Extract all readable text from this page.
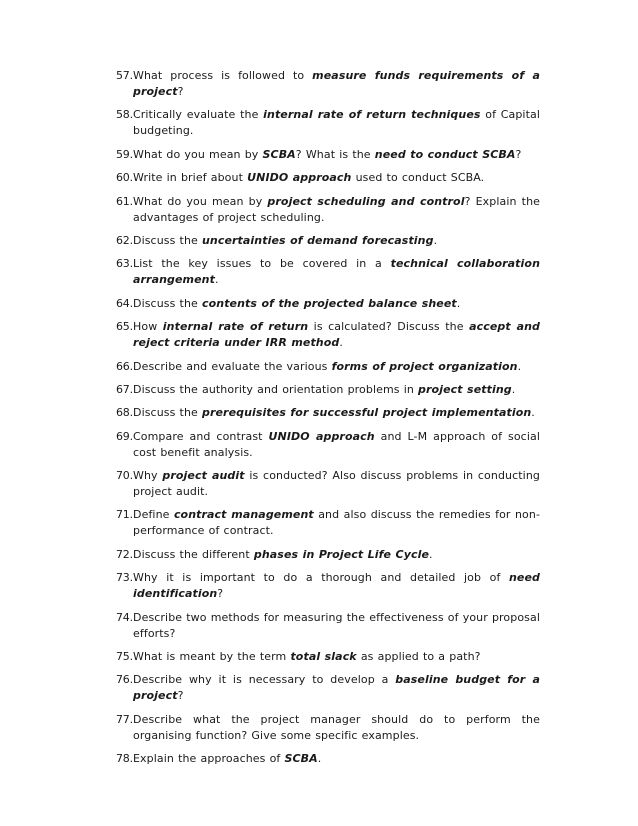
57. What process is followed to measure funds requirements of a project?
58. Critically evaluate the internal rate of return techniques of Capital budgeting.
59. What do you mean by SCBA? What is the need to conduct SCBA?
60. Write in brief about UNIDO approach used to conduct SCBA.
61. What do you mean by project scheduling and control? Explain the advantages of project scheduling.
62. Discuss the uncertainties of demand forecasting.
63. List the key issues to be covered in a technical collaboration arrangement.
64. Discuss the contents of the projected balance sheet.
65. How internal rate of return is calculated? Discuss the accept and reject criteria under IRR method.
66. Describe and evaluate the various forms of project organization.
67. Discuss the authority and orientation problems in project setting.
68. Discuss the prerequisites for successful project implementation.
69. Compare and contrast UNIDO approach and L-M approach of social cost benefit analysis.
70. Why project audit is conducted? Also discuss problems in conducting project audit.
71. Define contract management and also discuss the remedies for non-performance of contract.
72. Discuss the different phases in Project Life Cycle.
73. Why it is important to do a thorough and detailed job of need identification?
74. Describe two methods for measuring the effectiveness of your proposal efforts?
75. What is meant by the term total slack as applied to a path?
76. Describe why it is necessary to develop a baseline budget for a project?
77. Describe what the project manager should do to perform the organising function? Give some specific examples.
78. Explain the approaches of SCBA.
